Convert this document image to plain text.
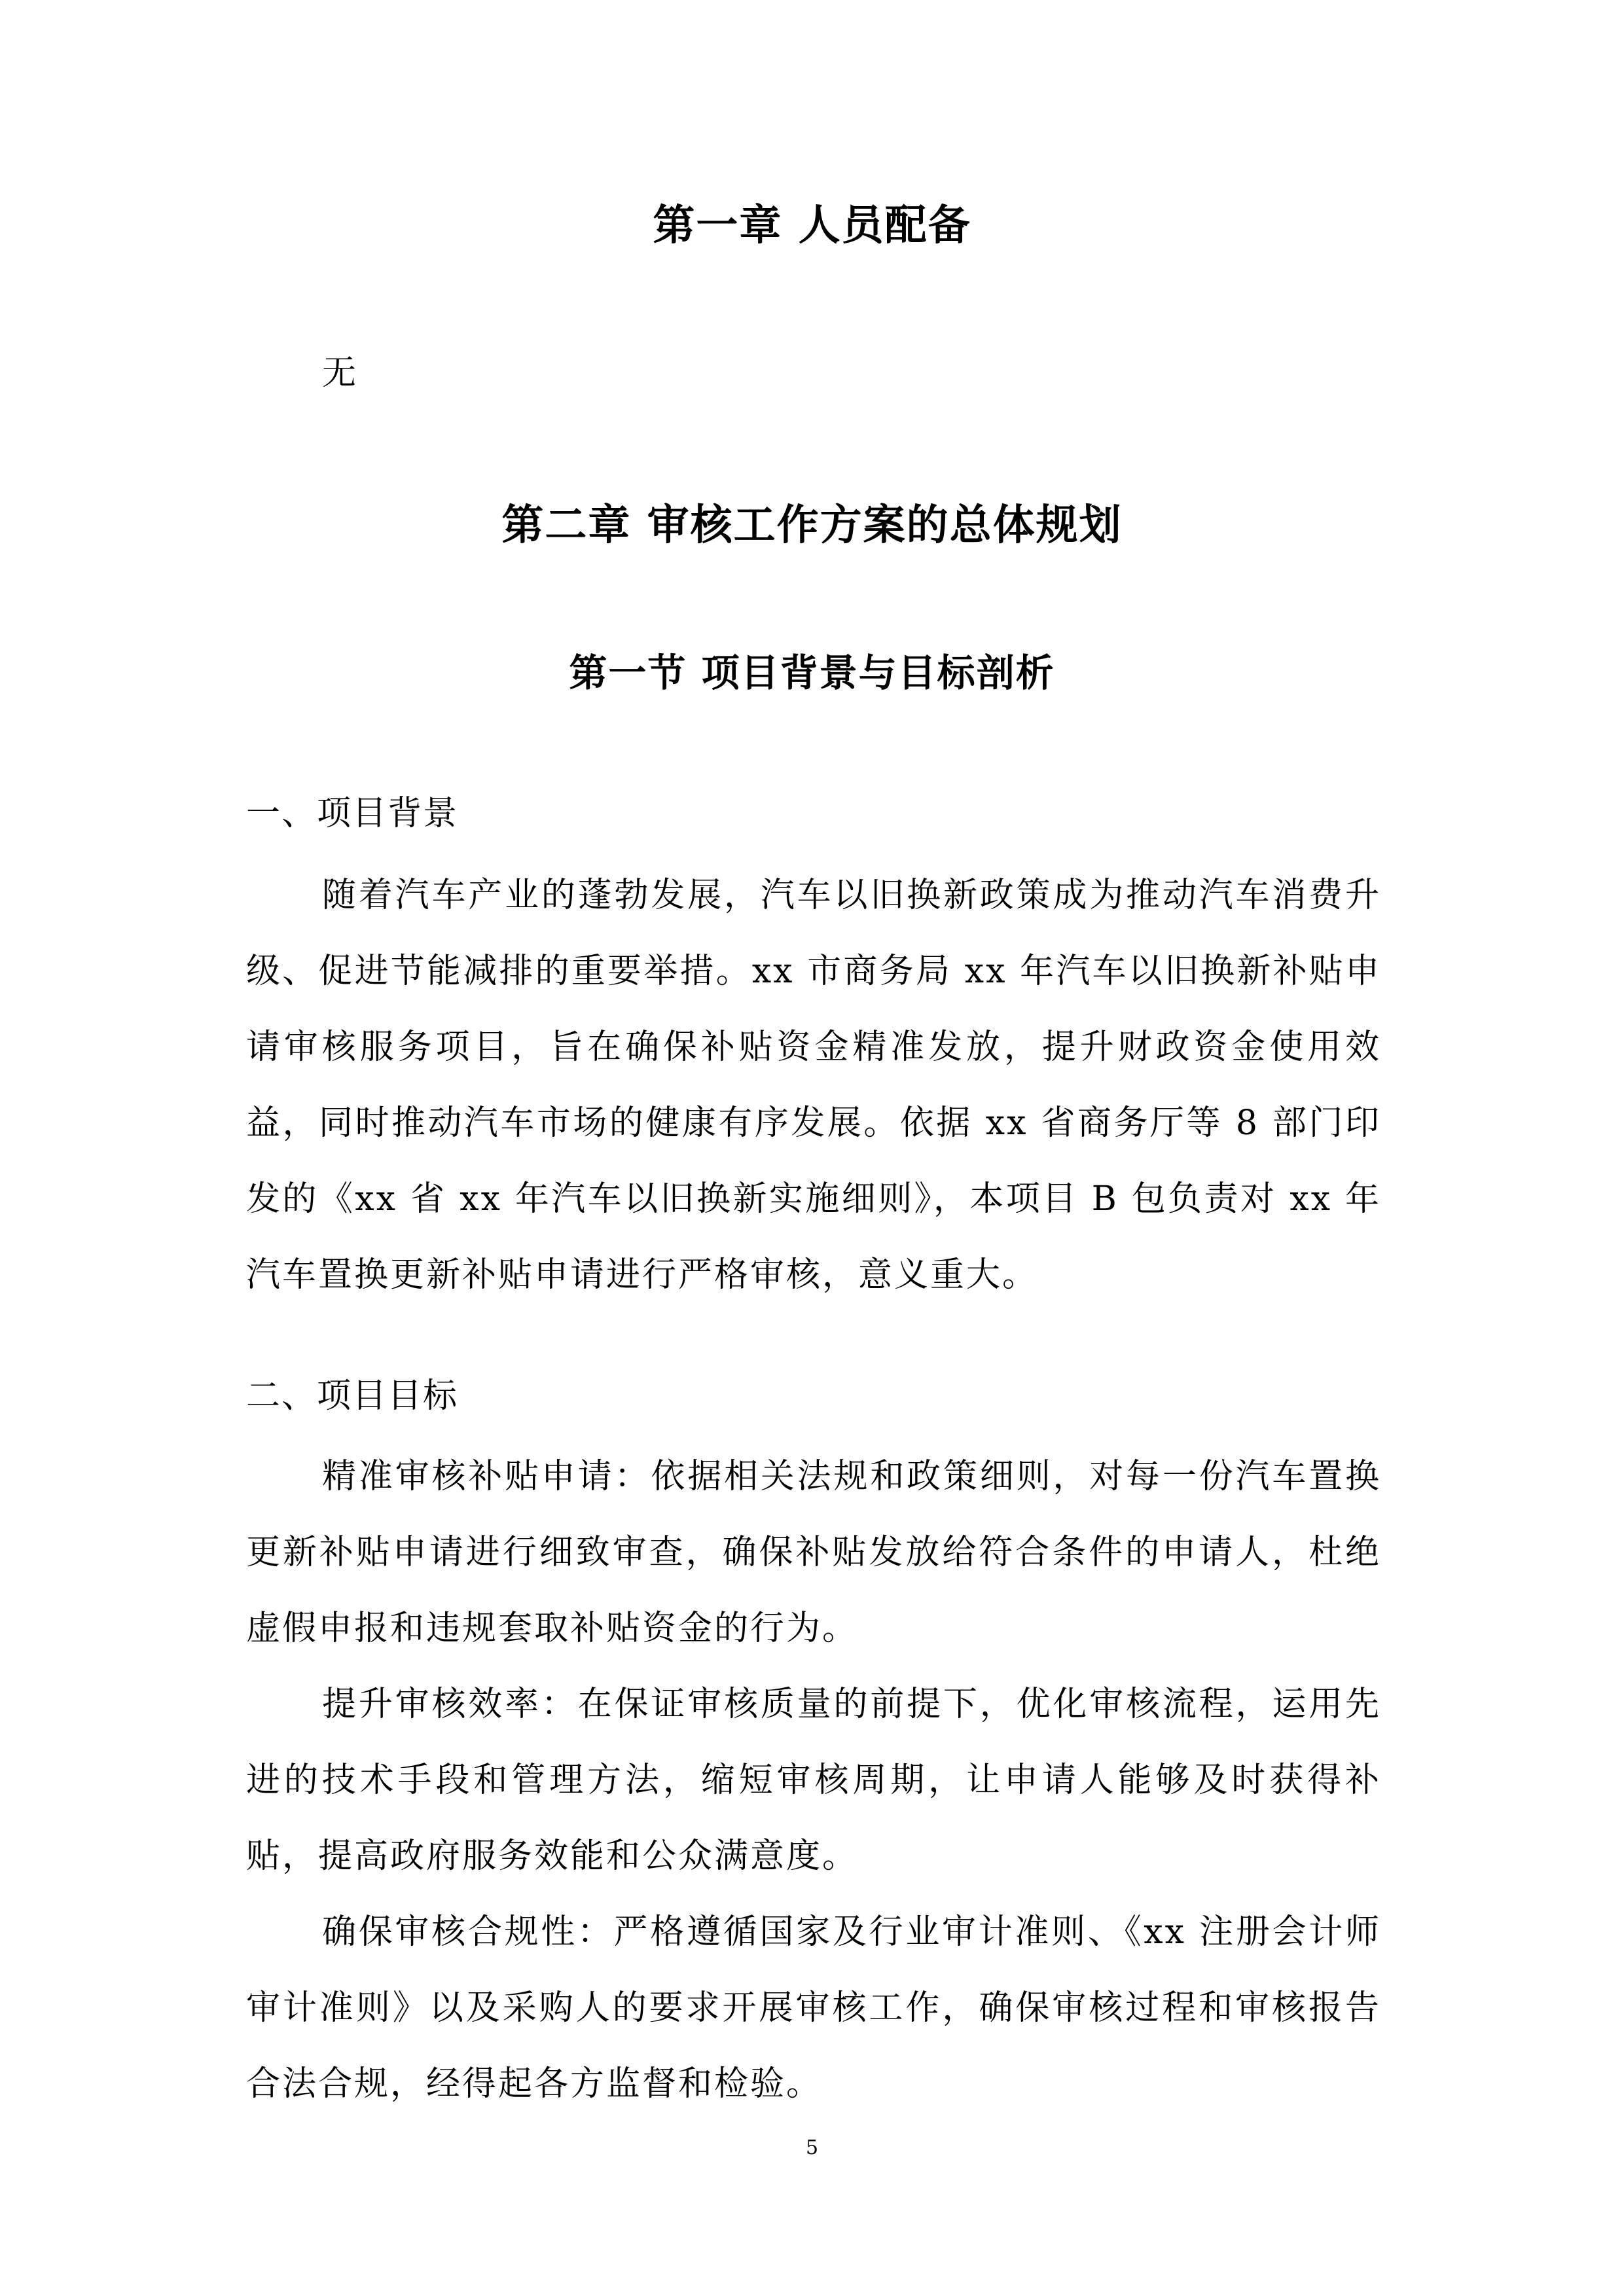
第一章 人员配备

无

第二章 审核工作方案的总体规划
第一节 项目背景与目标剖析

一、项目背景

随着汽车产业的蓬勃发展，汽车以旧换新政策成为推动汽车消费升级、促进节能减排的重要举措。xx 市商务局 xx 年汽车以旧换新补贴申请审核服务项目，旨在确保补贴资金精准发放，提升财政资金使用效益，同时推动汽车市场的健康有序发展。依据 xx 省商务厅等 8 部门印发的《xx 省 xx 年汽车以旧换新实施细则》，本项目 B 包负责对 xx 年汽车置换更新补贴申请进行严格审核，意义重大。

二、项目目标

精准审核补贴申请：依据相关法规和政策细则，对每一份汽车置换更新补贴申请进行细致审查，确保补贴发放给符合条件的申请人，杜绝虚假申报和违规套取补贴资金的行为。

提升审核效率：在保证审核质量的前提下，优化审核流程，运用先进的技术手段和管理方法，缩短审核周期，让申请人能够及时获得补贴，提高政府服务效能和公众满意度。

确保审核合规性：严格遵循国家及行业审计准则、《xx 注册会计师审计准则》以及采购人的要求开展审核工作，确保审核过程和审核报告合法合规，经得起各方监督和检验。

5
